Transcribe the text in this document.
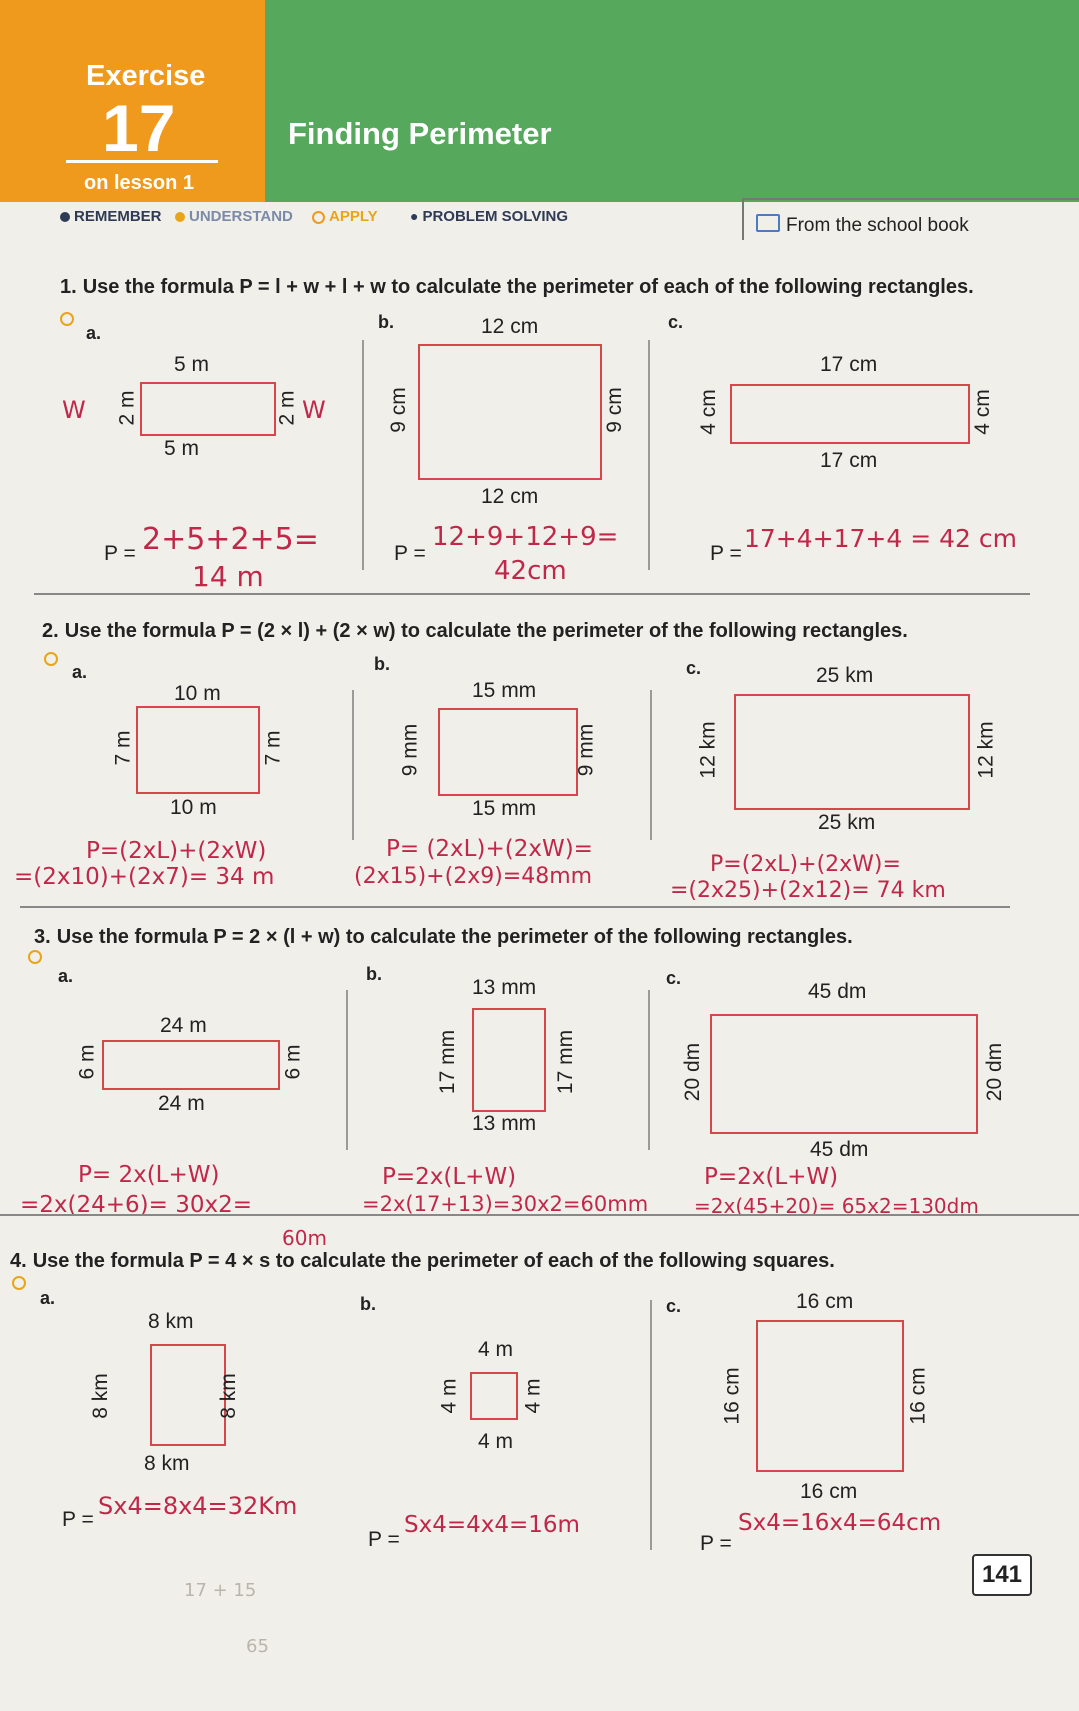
Exercise
17
on lesson 1
Finding Perimeter
REMEMBER	UNDERSTAND	APPLY ● PROBLEM SOLVING	From the school book
1. Use the formula P = l + w + l + w to calculate the perimeter of each of the following rectangles.
a.
5 m
5 m
2 m	2 m
W	W
P = 2+5+2+5=
14 m
b.	12 cm
12 cm
9 cm	9 cm
P =
12+9+12+9=
42cm
c.
17 cm
17 cm
4 cm	4 cm
P =
17+4+17+4 = 42 cm
2. Use the formula P = (2 × l) + (2 × w) to calculate the perimeter of the following rectangles.
a.
10 m
10 m
7 m	7 m
P=(2xL)+(2xW)
=(2x10)+(2x7)= 34 m
b.
15 mm
15 mm
9 mm	9 mm
P= (2xL)+(2xW)=
(2x15)+(2x9)=48mm
c.	25 km
25 km
12 km	12 km
P=(2xL)+(2xW)=
=(2x25)+(2x12)= 74 km
3. Use the formula P = 2 × (l + w) to calculate the perimeter of the following rectangles.
a.
24 m
24 m
6 m	6 m
P= 2x(L+W)
=2x(24+6)= 30x2=
60m
b.
13 mm
13 mm
17 mm	17 mm
P=2x(L+W)
=2x(17+13)=30x2=60mm
c.
45 dm
45 dm
20 dm	20 dm
P=2x(L+W)
=2x(45+20)= 65x2=130dm
4. Use the formula P = 4 × s to calculate the perimeter of each of the following squares.
a.
8 km
8 km
8 km	8 km
P = Sx4=8x4=32Km
b.
4 m
4 m
4 m	4 m
P =
Sx4=4x4=16m
c.	16 cm
16 cm
16 cm	16 cm
P =
Sx4=16x4=64cm
17 + 15
65
141
